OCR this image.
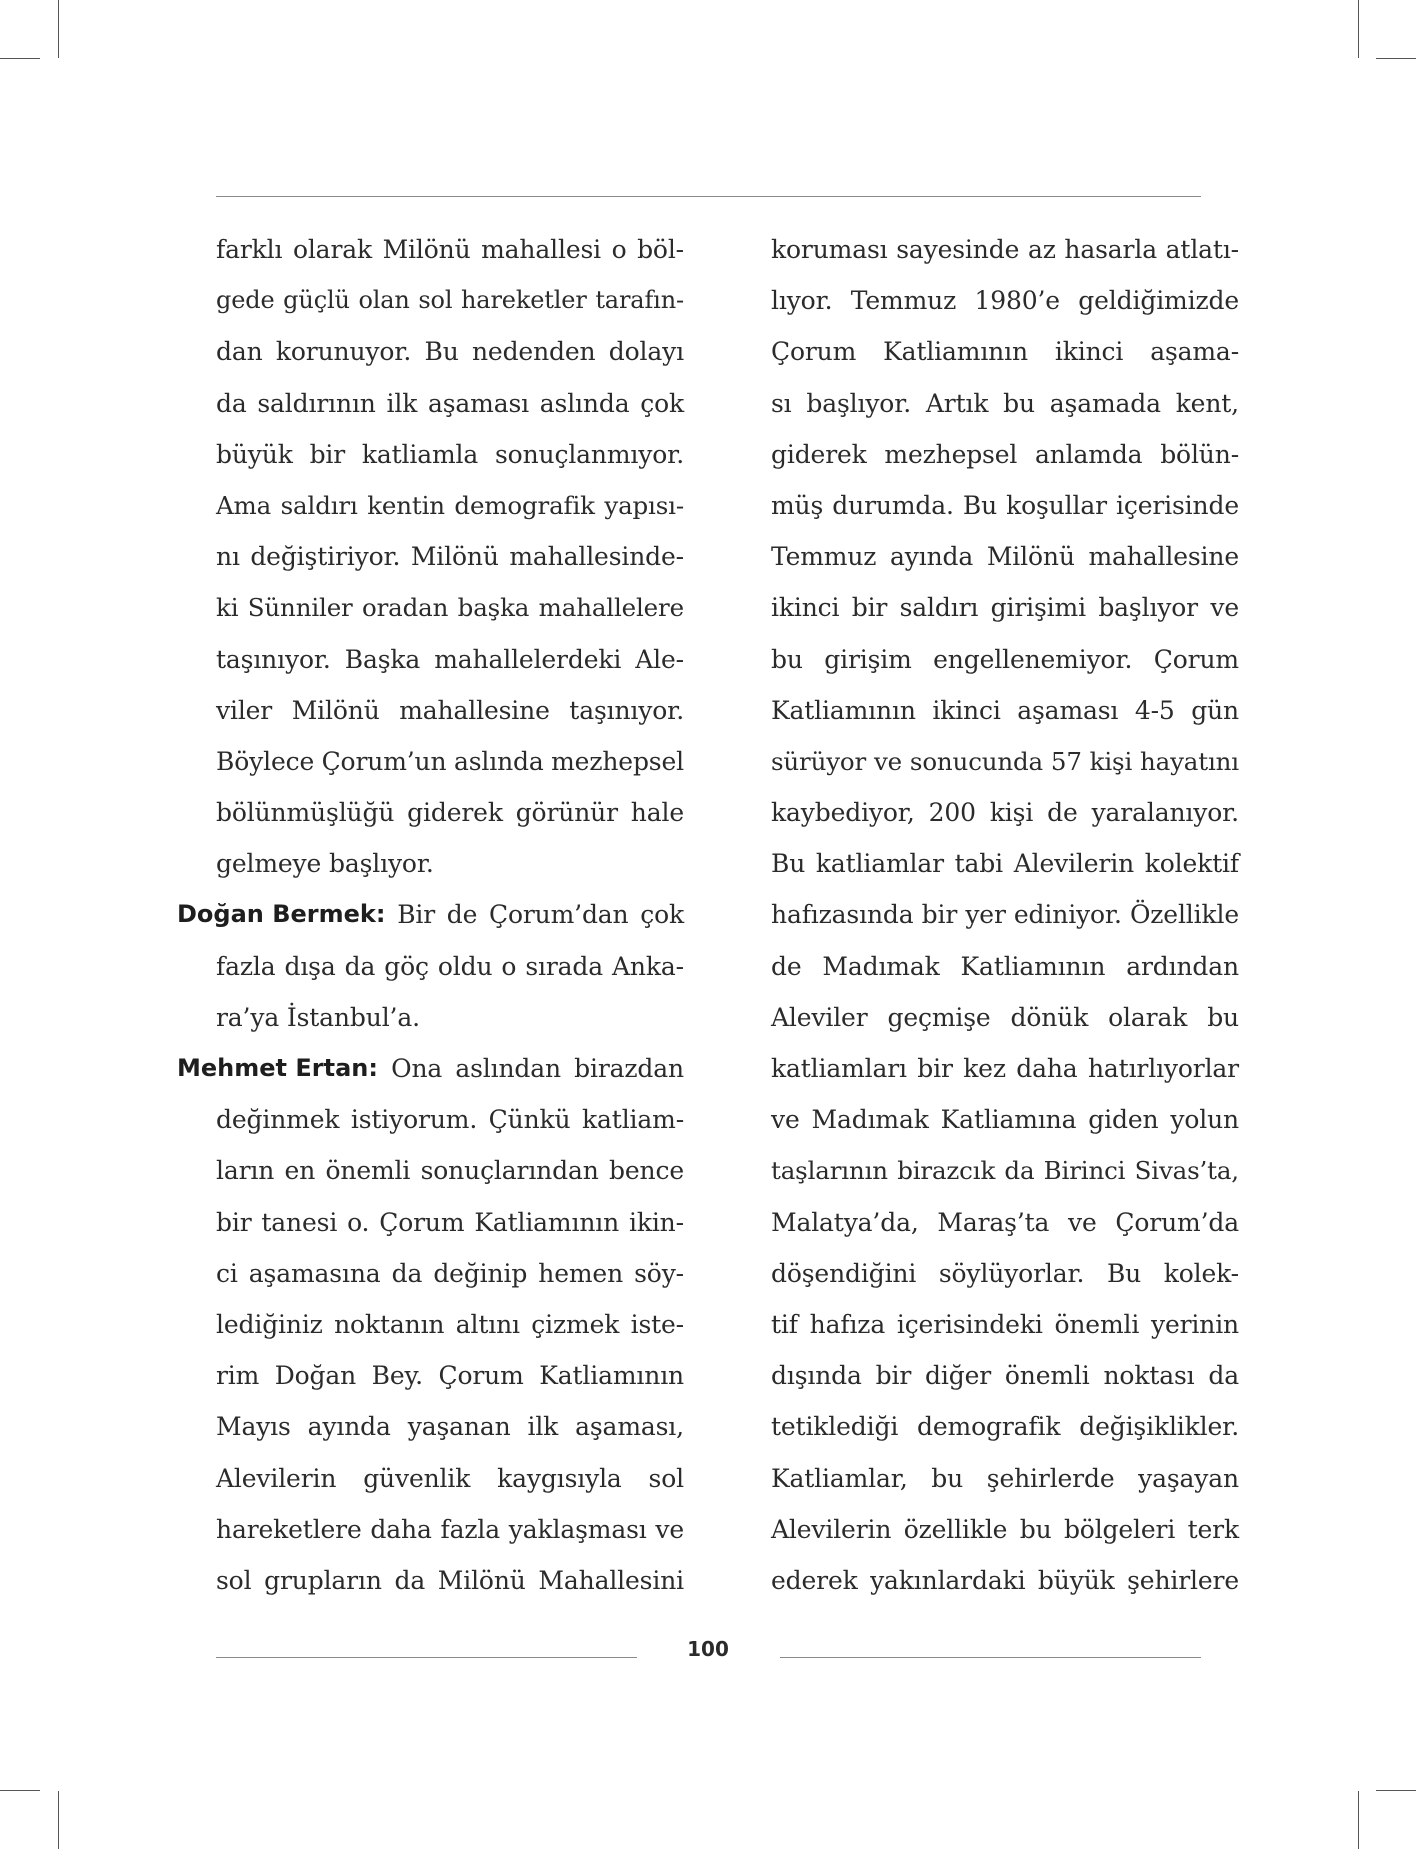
farklı olarak Milönü mahallesi o böl-
gede güçlü olan sol hareketler tarafın-
dan korunuyor. Bu nedenden dolayı
da saldırının ilk aşaması aslında çok
büyük bir katliamla sonuçlanmıyor.
Ama saldırı kentin demografik yapısı-
nı değiştiriyor. Milönü mahallesinde-
ki Sünniler oradan başka mahallelere
taşınıyor. Başka mahallelerdeki Ale-
viler Milönü mahallesine taşınıyor.
Böylece Çorum’un aslında mezhepsel
bölünmüşlüğü giderek görünür hale
gelmeye başlıyor.
Doğan Bermek: Bir de Çorum’dan çok
fazla dışa da göç oldu o sırada Anka-
ra’ya İstanbul’a.
Mehmet Ertan: Ona aslından birazdan
değinmek istiyorum. Çünkü katliam-
ların en önemli sonuçlarından bence
bir tanesi o. Çorum Katliamının ikin-
ci aşamasına da değinip hemen söy-
lediğiniz noktanın altını çizmek iste-
rim Doğan Bey. Çorum Katliamının
Mayıs ayında yaşanan ilk aşaması,
Alevilerin güvenlik kaygısıyla sol
hareketlere daha fazla yaklaşması ve
sol grupların da Milönü Mahallesini
koruması sayesinde az hasarla atlatı-
lıyor. Temmuz 1980’e geldiğimizde
Çorum Katliamının ikinci aşama-
sı başlıyor. Artık bu aşamada kent,
giderek mezhepsel anlamda bölün-
müş durumda. Bu koşullar içerisinde
Temmuz ayında Milönü mahallesine
ikinci bir saldırı girişimi başlıyor ve
bu girişim engellenemiyor. Çorum
Katliamının ikinci aşaması 4-5 gün
sürüyor ve sonucunda 57 kişi hayatını
kaybediyor, 200 kişi de yaralanıyor.
Bu katliamlar tabi Alevilerin kolektif
hafızasında bir yer ediniyor. Özellikle
de Madımak Katliamının ardından
Aleviler geçmişe dönük olarak bu
katliamları bir kez daha hatırlıyorlar
ve Madımak Katliamına giden yolun
taşlarının birazcık da Birinci Sivas’ta,
Malatya’da, Maraş’ta ve Çorum’da
döşendiğini söylüyorlar. Bu kolek-
tif hafıza içerisindeki önemli yerinin
dışında bir diğer önemli noktası da
tetiklediği demografik değişiklikler.
Katliamlar, bu şehirlerde yaşayan
Alevilerin özellikle bu bölgeleri terk
ederek yakınlardaki büyük şehirlere
100
